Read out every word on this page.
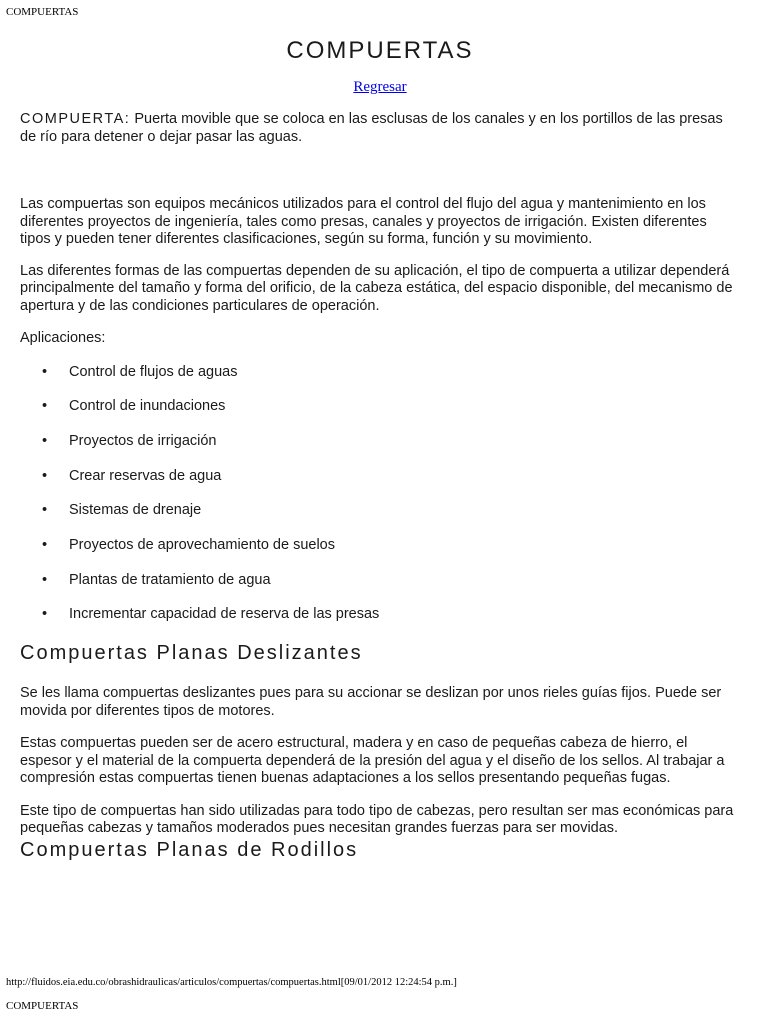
COMPUERTAS
COMPUERTAS
Regresar

COMPUERTA: Puerta movible que se coloca en las esclusas de los canales y en los portillos de las presas de río para detener o dejar pasar las aguas.

Las compuertas son equipos mecánicos utilizados para el control del flujo del agua y mantenimiento en los diferentes proyectos de ingeniería, tales como presas, canales y proyectos de irrigación. Existen diferentes tipos y pueden tener diferentes clasificaciones, según su forma, función y su movimiento.

Las diferentes formas de las compuertas dependen de su aplicación, el tipo de compuerta a utilizar dependerá principalmente del tamaño y forma del orificio, de la cabeza estática, del espacio disponible, del mecanismo de apertura y de las condiciones particulares de operación.

Aplicaciones:

• Control de flujos de aguas
• Control de inundaciones
• Proyectos de irrigación
• Crear reservas de agua
• Sistemas de drenaje
• Proyectos de aprovechamiento de suelos
• Plantas de tratamiento de agua
• Incrementar capacidad de reserva de las presas
Compuertas Planas Deslizantes

Se les llama compuertas deslizantes pues para su accionar se deslizan por unos rieles guías fijos. Puede ser movida por diferentes tipos de motores.

Estas compuertas pueden ser de acero estructural, madera y en caso de pequeñas cabeza de hierro, el espesor y el material de la compuerta dependerá de la presión del agua y el diseño de los sellos. Al trabajar a compresión estas compuertas tienen buenas adaptaciones a los sellos presentando pequeñas fugas.

Este tipo de compuertas han sido utilizadas para todo tipo de cabezas, pero resultan ser mas económicas para pequeñas cabezas y tamaños moderados pues necesitan grandes fuerzas para ser movidas.

Compuertas Planas de Rodillos
http://fluidos.eia.edu.co/obrashidraulicas/articulos/compuertas/compuertas.html[09/01/2012 12:24:54 p.m.]
COMPUERTAS
